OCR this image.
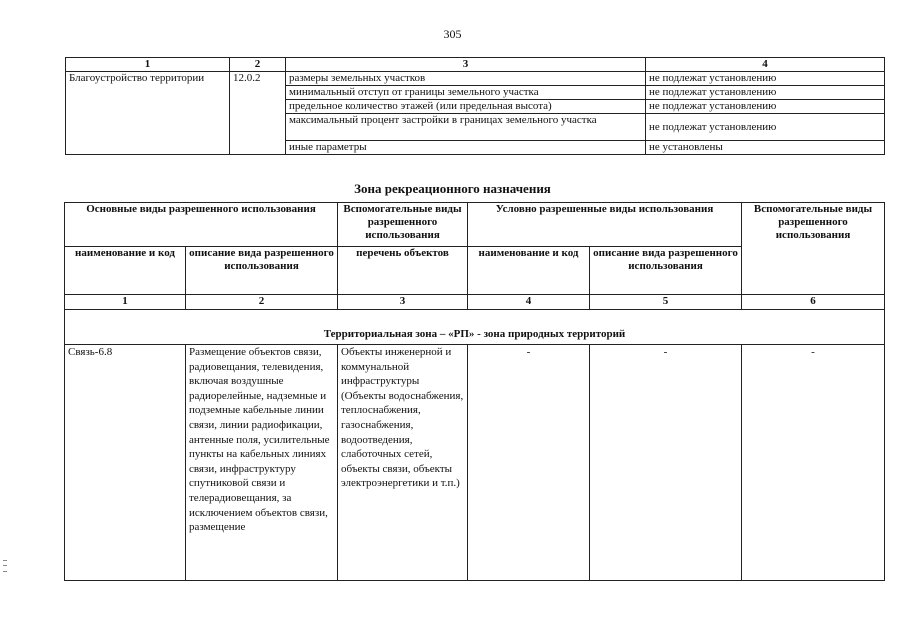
305
1	2	3	4
Благоустройство территории	12.0.2	размеры земельных участков	не подлежат установлению
		минимальный отступ от границы земельного участка	не подлежат установлению
		предельное количество этажей (или предельная высота)	не подлежат установлению
		максимальный процент застройки в границах земельного участка	не подлежат установлению
		иные параметры	не установлены
Зона рекреационного назначения
Основные виды разрешенного использования		Вспомогательные виды разрешенного использования	Условно разрешенные виды использования		Вспомогательные виды разрешенного использования
наименование и код	описание вида разрешенного использования	перечень объектов	наименование и код	описание вида разрешенного использования	
1	2	3	4	5	6
Территориальная зона – «РП» - зона природных территорий					
Связь-6.8	Размещение объектов связи, радиовещания, телевидения, включая воздушные радиорелейные, надземные и подземные кабельные линии связи, линии радиофикации, антенные поля, усилительные пункты на кабельных линиях связи, инфраструктуру спутниковой связи и телерадиовещания, за исключением объектов связи, размещение	Объекты инженерной и коммунальной инфраструктуры (Объекты водоснабжения, теплоснабжения, газоснабжения, водоотведения, слаботочных сетей, объекты связи, объекты электроэнергетики и т.п.)	-	-	-
